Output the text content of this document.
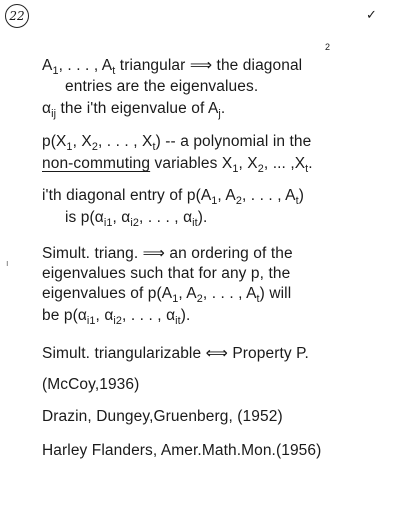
22	✓
2
ı
$A_1$, . . . , $A_t$ triangular ⟹ the diagonal
entries are the eigenvalues.
$\alpha_{ij}$ the i'th eigenvalue of $A_j$.
$p(X_1$, $X_2$, . . . , $X_t$) -- a polynomial in the
non-commuting variables $X_1$, $X_2$, ... $,X_t$.
i'th diagonal entry of $p(A_1$, $A_2$, . . . , $A_t$)
is $p(\alpha_{i1}$, $\alpha_{i2}$, . . . , $\alpha_{it}$).
Simult. triang. ⟹ an ordering of the
eigenvalues such that for any p, the
eigenvalues of $p(A_1$, $A_2$, . . . , $A_t$) will
be $p(\alpha_{i1}$, $\alpha_{i2}$, . . . , $\alpha_{it}$).
Simult. triangularizable ⟺ Property P.
(McCoy,1936)
Drazin, Dungey,Gruenberg, (1952)
Harley Flanders, Amer.Math.Mon.(1956)
